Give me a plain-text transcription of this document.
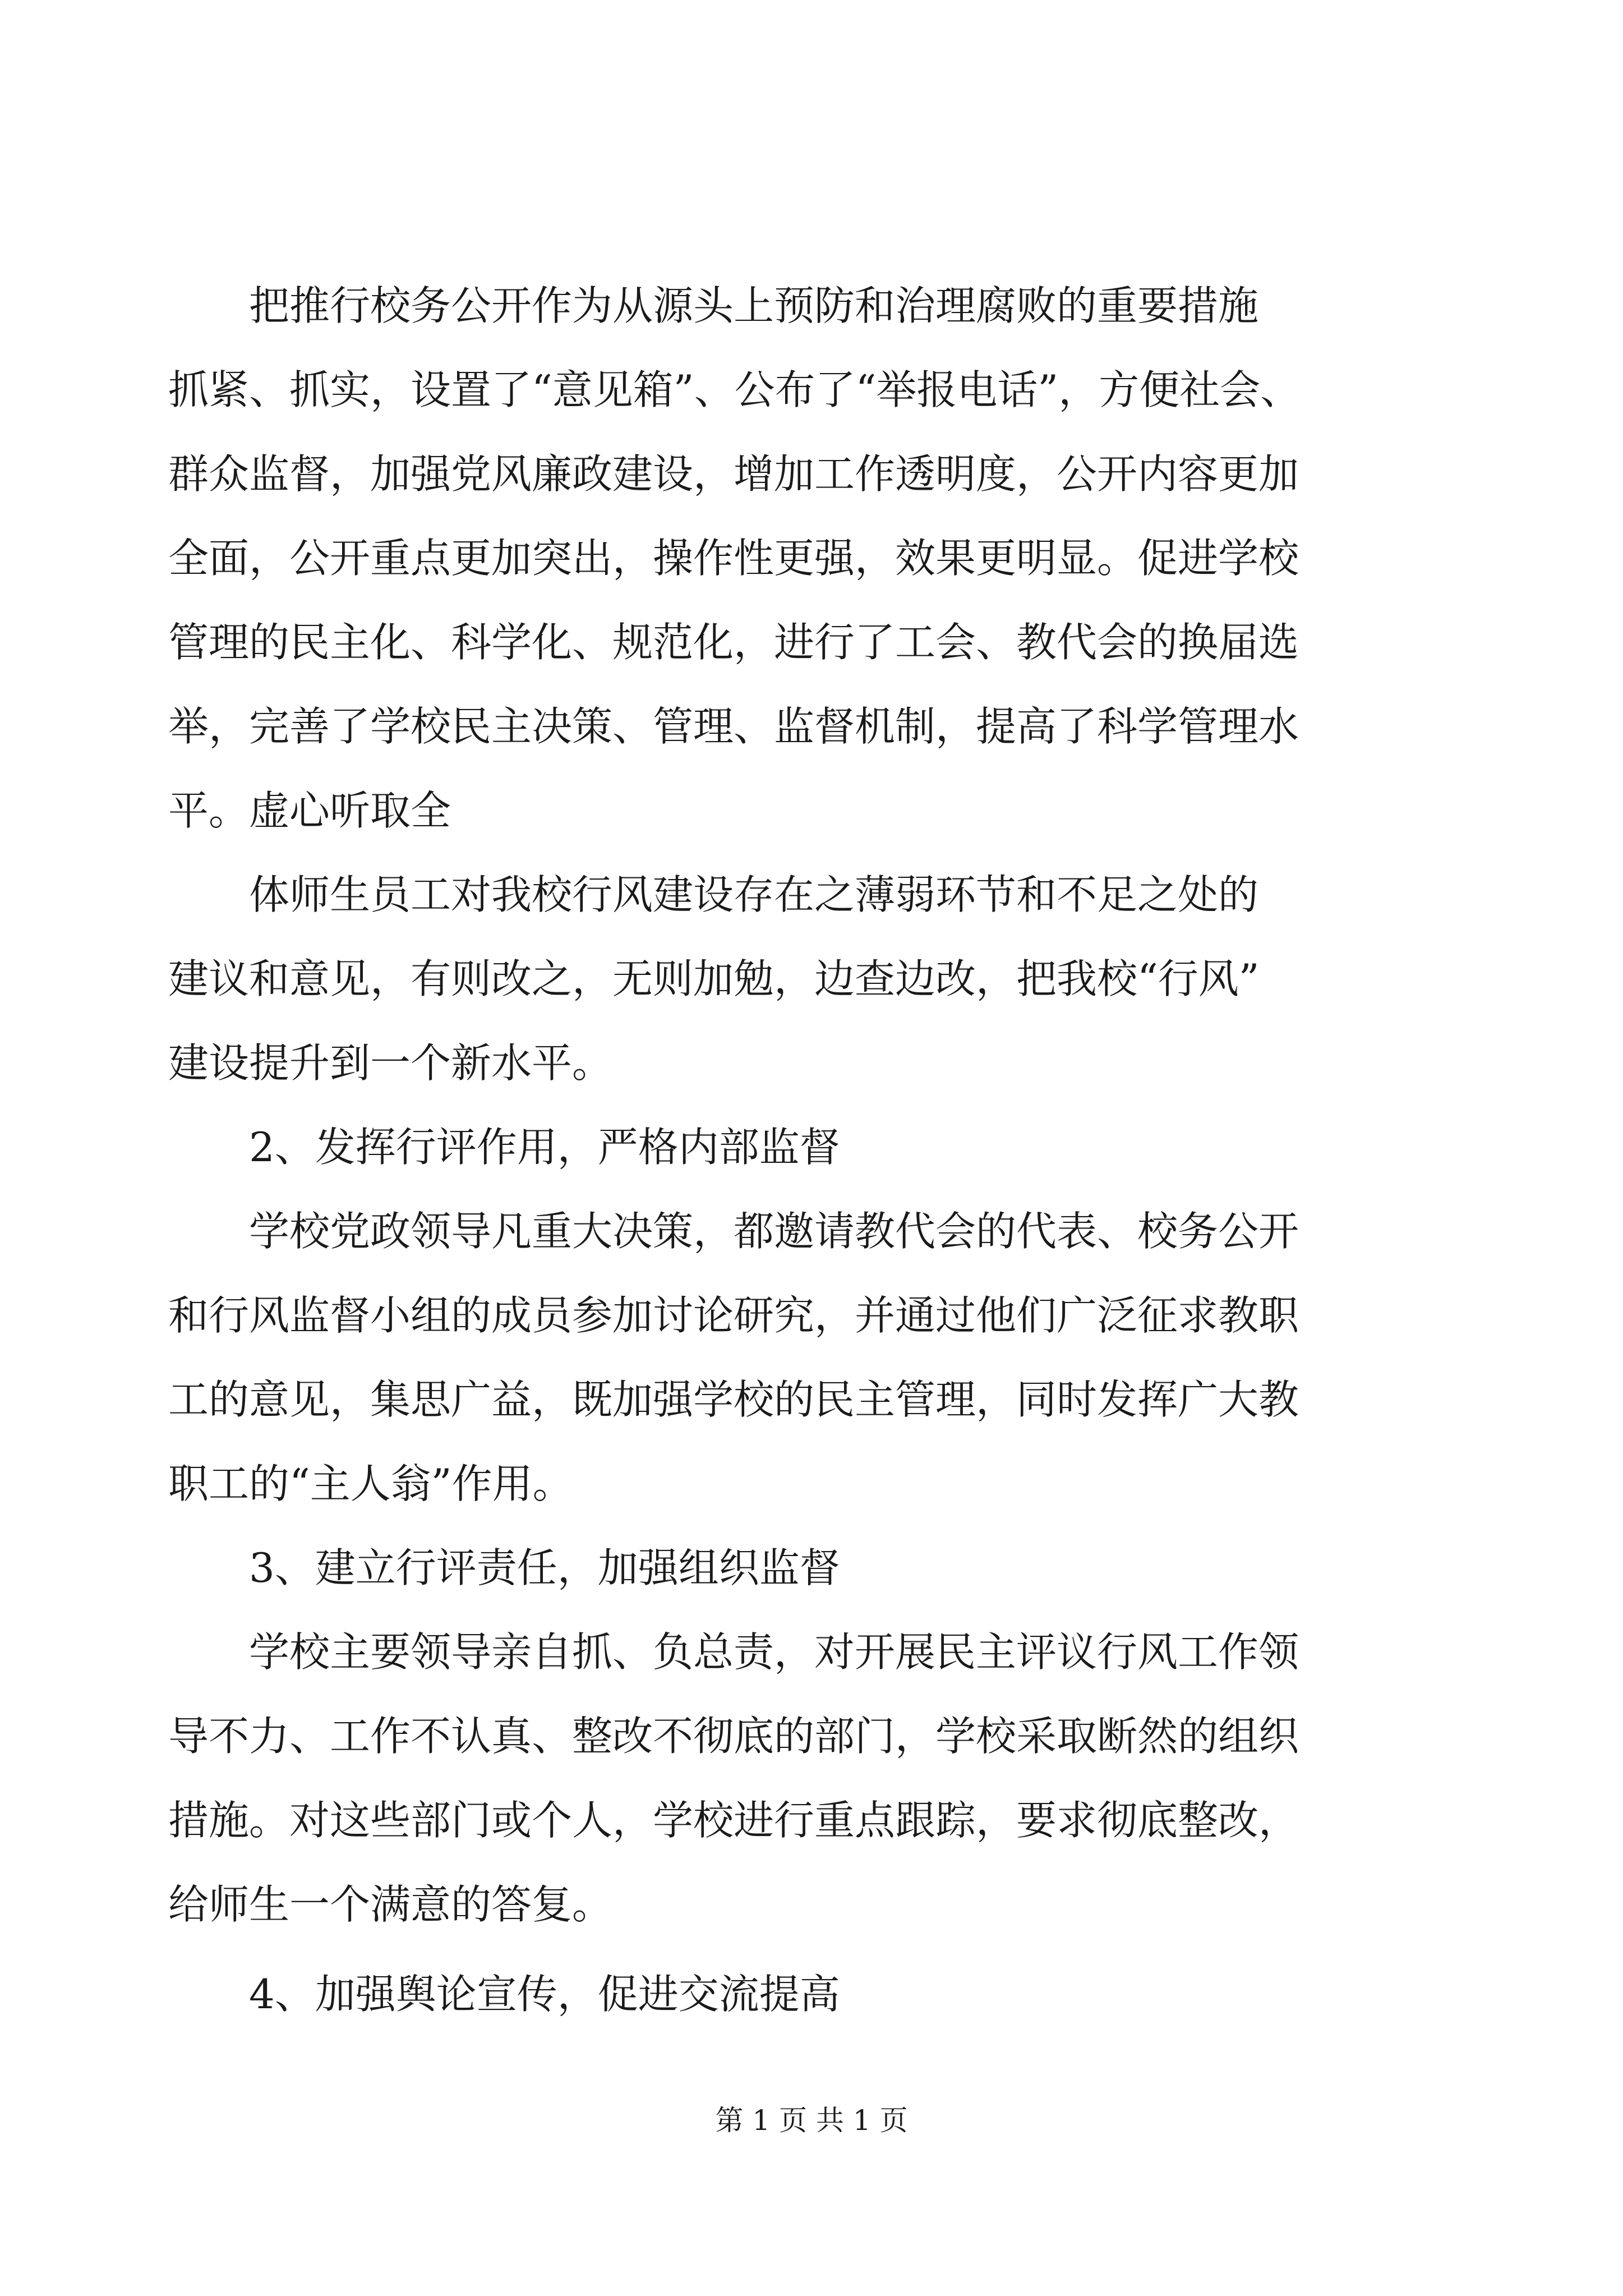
　　把推行校务公开作为从源头上预防和治理腐败的重要措施
抓紧、抓实，设置了“意见箱”、公布了“举报电话”，方便社会、
群众监督，加强党风廉政建设，增加工作透明度，公开内容更加
全面，公开重点更加突出，操作性更强，效果更明显。促进学校
管理的民主化、科学化、规范化，进行了工会、教代会的换届选
举，完善了学校民主决策、管理、监督机制，提高了科学管理水
平。虚心听取全
　　体师生员工对我校行风建设存在之薄弱环节和不足之处的
建议和意见，有则改之，无则加勉，边查边改，把我校“行风”
建设提升到一个新水平。
　　2、发挥行评作用，严格内部监督
　　学校党政领导凡重大决策，都邀请教代会的代表、校务公开
和行风监督小组的成员参加讨论研究，并通过他们广泛征求教职
工的意见，集思广益，既加强学校的民主管理，同时发挥广大教
职工的“主人翁”作用。
　　3、建立行评责任，加强组织监督
　　学校主要领导亲自抓、负总责，对开展民主评议行风工作领
导不力、工作不认真、整改不彻底的部门，学校采取断然的组织
措施。对这些部门或个人，学校进行重点跟踪，要求彻底整改，
给师生一个满意的答复。
　　4、加强舆论宣传，促进交流提高
第 1 页 共 1 页
